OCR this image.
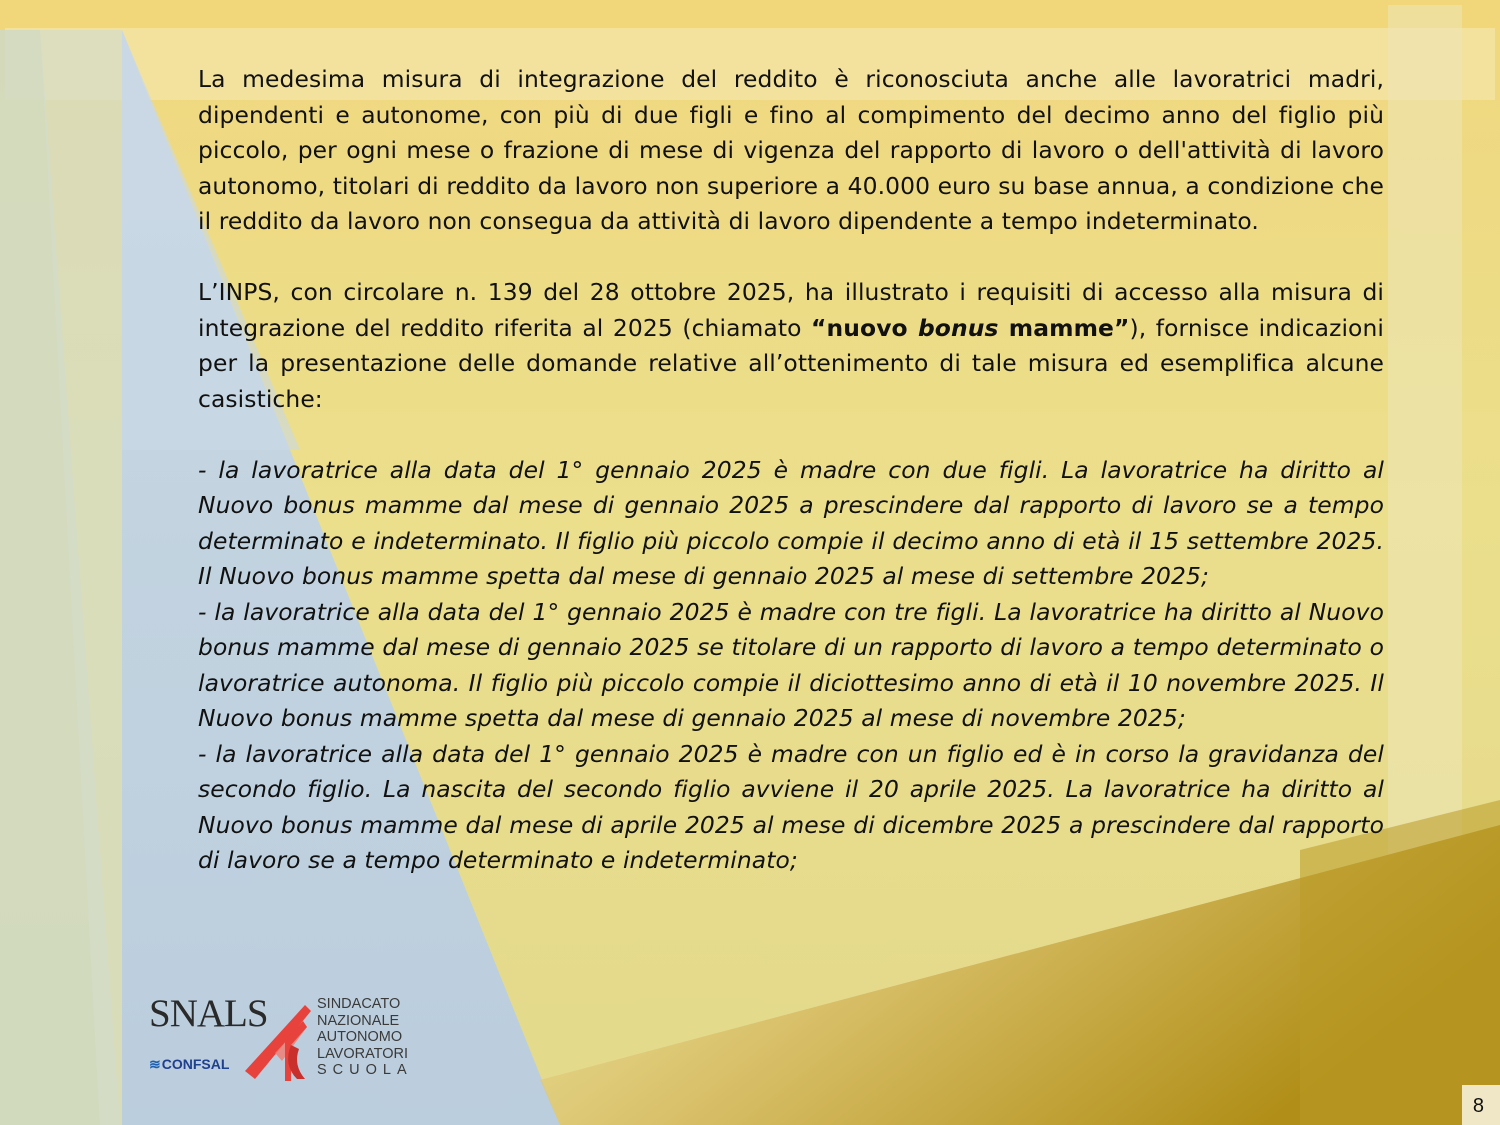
La medesima misura di integrazione del reddito è riconosciuta anche alle lavoratrici madri, dipendenti e autonome, con più di due figli e fino al compimento del decimo anno del figlio più piccolo, per ogni mese o frazione di mese di vigenza del rapporto di lavoro o dell'attività di lavoro autonomo, titolari di reddito da lavoro non superiore a 40.000 euro su base annua, a condizione che il reddito da lavoro non consegua da attività di lavoro dipendente a tempo indeterminato.

L’INPS, con circolare n. 139 del 28 ottobre 2025, ha illustrato i requisiti di accesso alla misura di integrazione del reddito riferita al 2025 (chiamato “nuovo bonus mamme”), fornisce indicazioni per la presentazione delle domande relative all’ottenimento di tale misura ed esemplifica alcune casistiche:

- la lavoratrice alla data del 1° gennaio 2025 è madre con due figli. La lavoratrice ha diritto al Nuovo bonus mamme dal mese di gennaio 2025 a prescindere dal rapporto di lavoro se a tempo determinato e indeterminato. Il figlio più piccolo compie il decimo anno di età il 15 settembre 2025. Il Nuovo bonus mamme spetta dal mese di gennaio 2025 al mese di settembre 2025;

- la lavoratrice alla data del 1° gennaio 2025 è madre con tre figli. La lavoratrice ha diritto al Nuovo bonus mamme dal mese di gennaio 2025 se titolare di un rapporto di lavoro a tempo determinato o lavoratrice autonoma. Il figlio più piccolo compie il diciottesimo anno di età il 10 novembre 2025. Il Nuovo bonus mamme spetta dal mese di gennaio 2025 al mese di novembre 2025;

- la lavoratrice alla data del 1° gennaio 2025 è madre con un figlio ed è in corso la gravidanza del secondo figlio. La nascita del secondo figlio avviene il 20 aprile 2025. La lavoratrice ha diritto al Nuovo bonus mamme dal mese di aprile 2025 al mese di dicembre 2025 a prescindere dal rapporto di lavoro se a tempo determinato e indeterminato;

SNALS
≋CONFSAL
SINDACATO
NAZIONALE
AUTONOMO
LAVORATORI
SCUOLA
8
